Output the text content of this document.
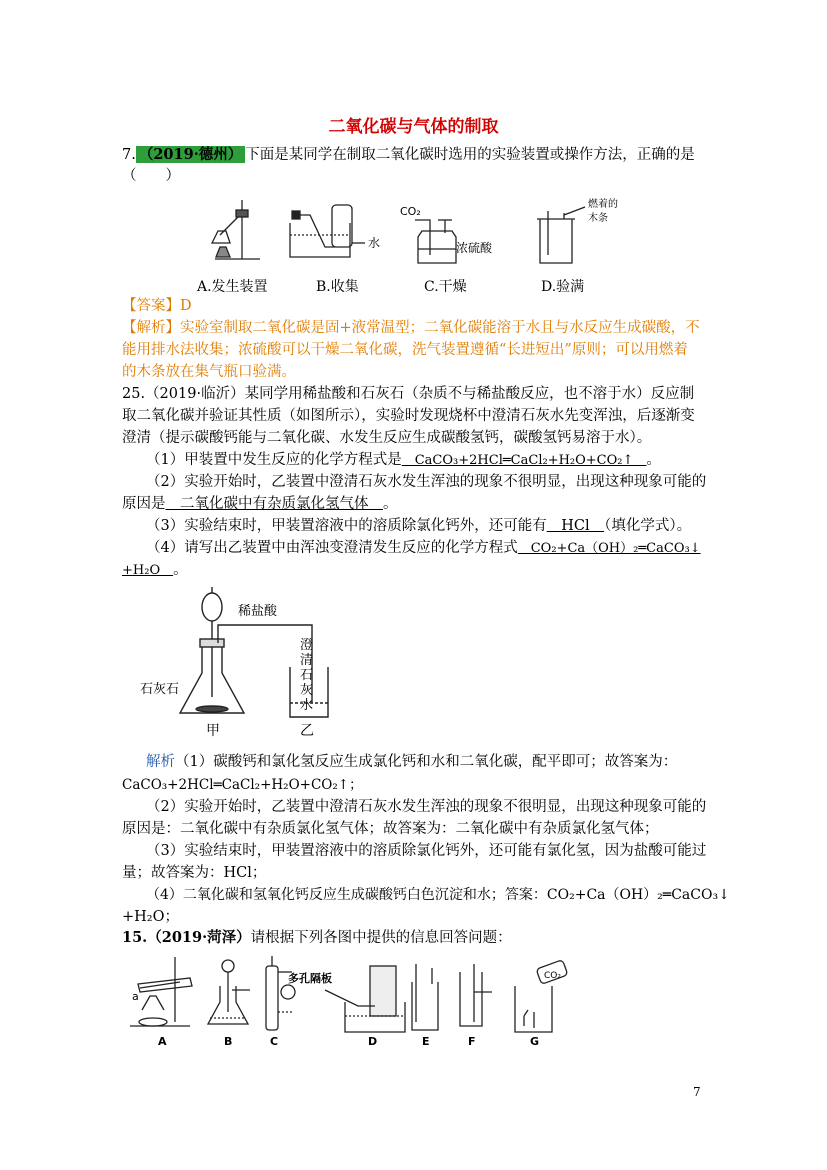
二氧化碳与气体的制取
7. （2019·德州） 下面是某同学在制取二氧化碳时选用的实验装置或操作方法，正确的是
（　　）
水
CO₂
浓硫酸
燃着的
木条
A.发生装置	B.收集	C.干燥	D.验满
【答案】D
【解析】实验室制取二氧化碳是固+液常温型；二氧化碳能溶于水且与水反应生成碳酸，不
能用排水法收集；浓硫酸可以干燥二氧化碳，洗气装置遵循“长进短出”原则；可以用燃着
的木条放在集气瓶口验满。
25.（2019·临沂）某同学用稀盐酸和石灰石（杂质不与稀盐酸反应，也不溶于水）反应制
取二氧化碳并验证其性质（如图所示），实验时发现烧杯中澄清石灰水先变浑浊，后逐渐变
澄清（提示碳酸钙能与二氧化碳、水发生反应生成碳酸氢钙，碳酸氢钙易溶于水）。
（1）甲装置中发生反应的化学方程式是　CaCO₃+2HCl═CaCl₂+H₂O+CO₂↑　。
（2）实验开始时，乙装置中澄清石灰水发生浑浊的现象不很明显，出现这种现象可能的
原因是　二氧化碳中有杂质氯化氢气体　。
（3）实验结束时，甲装置溶液中的溶质除氯化钙外，还可能有　HCl　（填化学式）。
（4）请写出乙装置中由浑浊变澄清发生反应的化学方程式　CO₂+Ca（OH）₂═CaCO₃↓
+H₂O　。
稀盐酸
石灰石
甲	乙
澄清石灰水
解析（1）碳酸钙和氯化氢反应生成氯化钙和水和二氧化碳，配平即可；故答案为：
CaCO₃+2HCl═CaCl₂+H₂O+CO₂↑；
（2）实验开始时，乙装置中澄清石灰水发生浑浊的现象不很明显，出现这种现象可能的
原因是：二氧化碳中有杂质氯化氢气体；故答案为：二氧化碳中有杂质氯化氢气体；
（3）实验结束时，甲装置溶液中的溶质除氯化钙外，还可能有氯化氢，因为盐酸可能过
量；故答案为：HCl；
（4）二氧化碳和氢氧化钙反应生成碳酸钙白色沉淀和水；答案：CO₂+Ca（OH）₂═CaCO₃↓
+H₂O；
15.（2019·菏泽）请根据下列各图中提供的信息回答问题：
a
多孔隔板	CO₂
A	B	C	D	E	F	G
7
